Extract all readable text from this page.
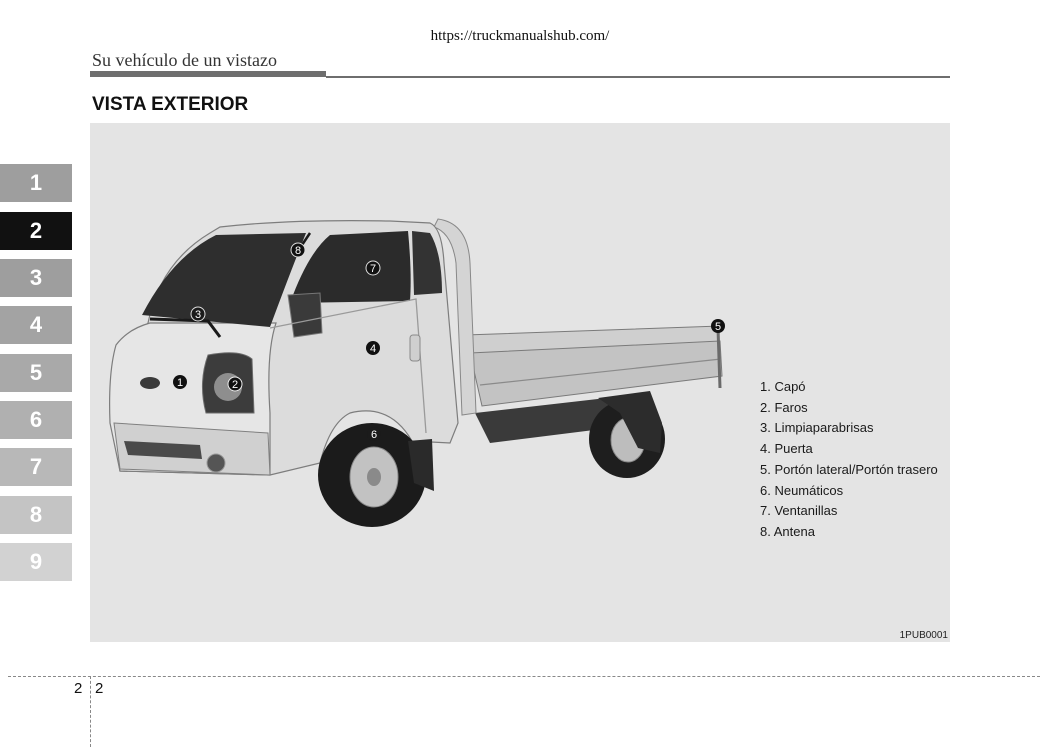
https://truckmanualshub.com/
Su vehículo de un vistazo
VISTA EXTERIOR
1
2
3
4
5
6
7
8
9
1	2
3
4
5
6
7
8
1. Capó
2. Faros
3. Limpiaparabrisas
4. Puerta
5. Portón lateral/Portón trasero
6. Neumáticos
7. Ventanillas
8. Antena
1PUB0001
2 2
